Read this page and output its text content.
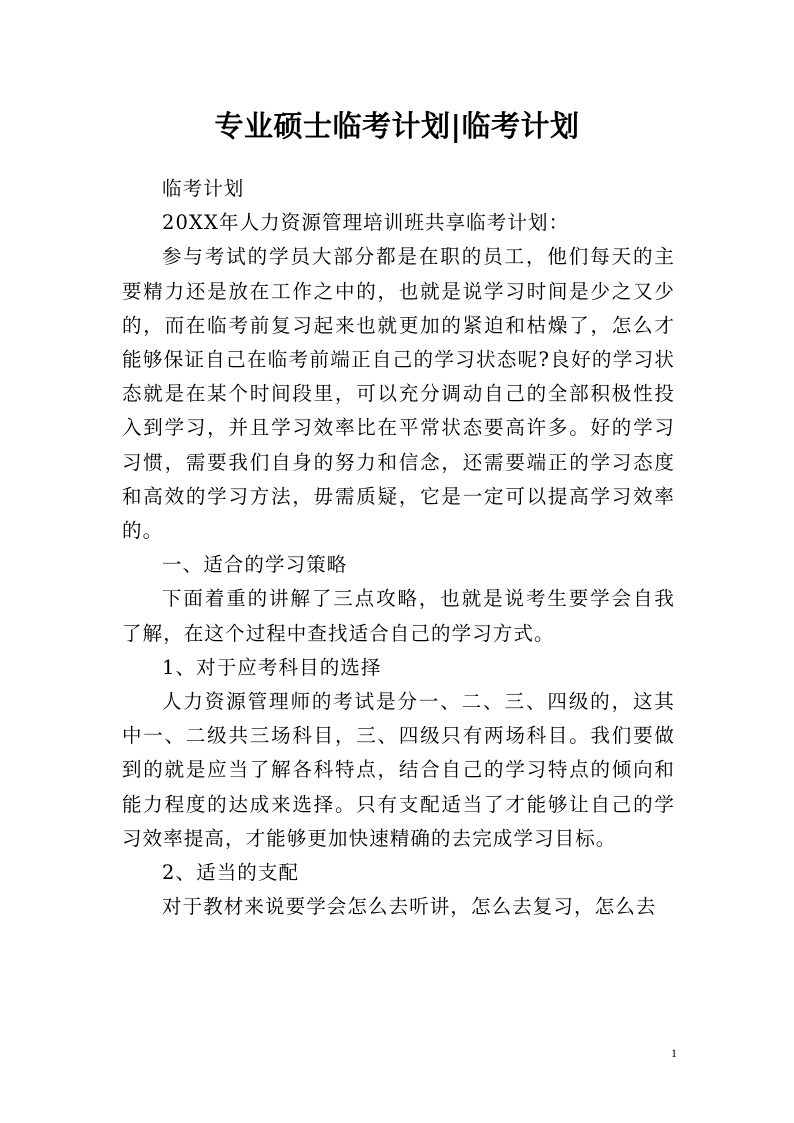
专业硕士临考计划|临考计划

临考计划

20XX年人力资源管理培训班共享临考计划：

参与考试的学员大部分都是在职的员工，他们每天的主要精力还是放在工作之中的，也就是说学习时间是少之又少的，而在临考前复习起来也就更加的紧迫和枯燥了，怎么才能够保证自己在临考前端正自己的学习状态呢?良好的学习状态就是在某个时间段里，可以充分调动自己的全部积极性投入到学习，并且学习效率比在平常状态要高许多。好的学习习惯，需要我们自身的努力和信念，还需要端正的学习态度和高效的学习方法，毋需质疑，它是一定可以提高学习效率的。

一、适合的学习策略

下面着重的讲解了三点攻略，也就是说考生要学会自我了解，在这个过程中查找适合自己的学习方式。

1、对于应考科目的选择

人力资源管理师的考试是分一、二、三、四级的，这其中一、二级共三场科目，三、四级只有两场科目。我们要做到的就是应当了解各科特点，结合自己的学习特点的倾向和能力程度的达成来选择。只有支配适当了才能够让自己的学习效率提高，才能够更加快速精确的去完成学习目标。

2、适当的支配

对于教材来说要学会怎么去听讲，怎么去复习，怎么去

1
